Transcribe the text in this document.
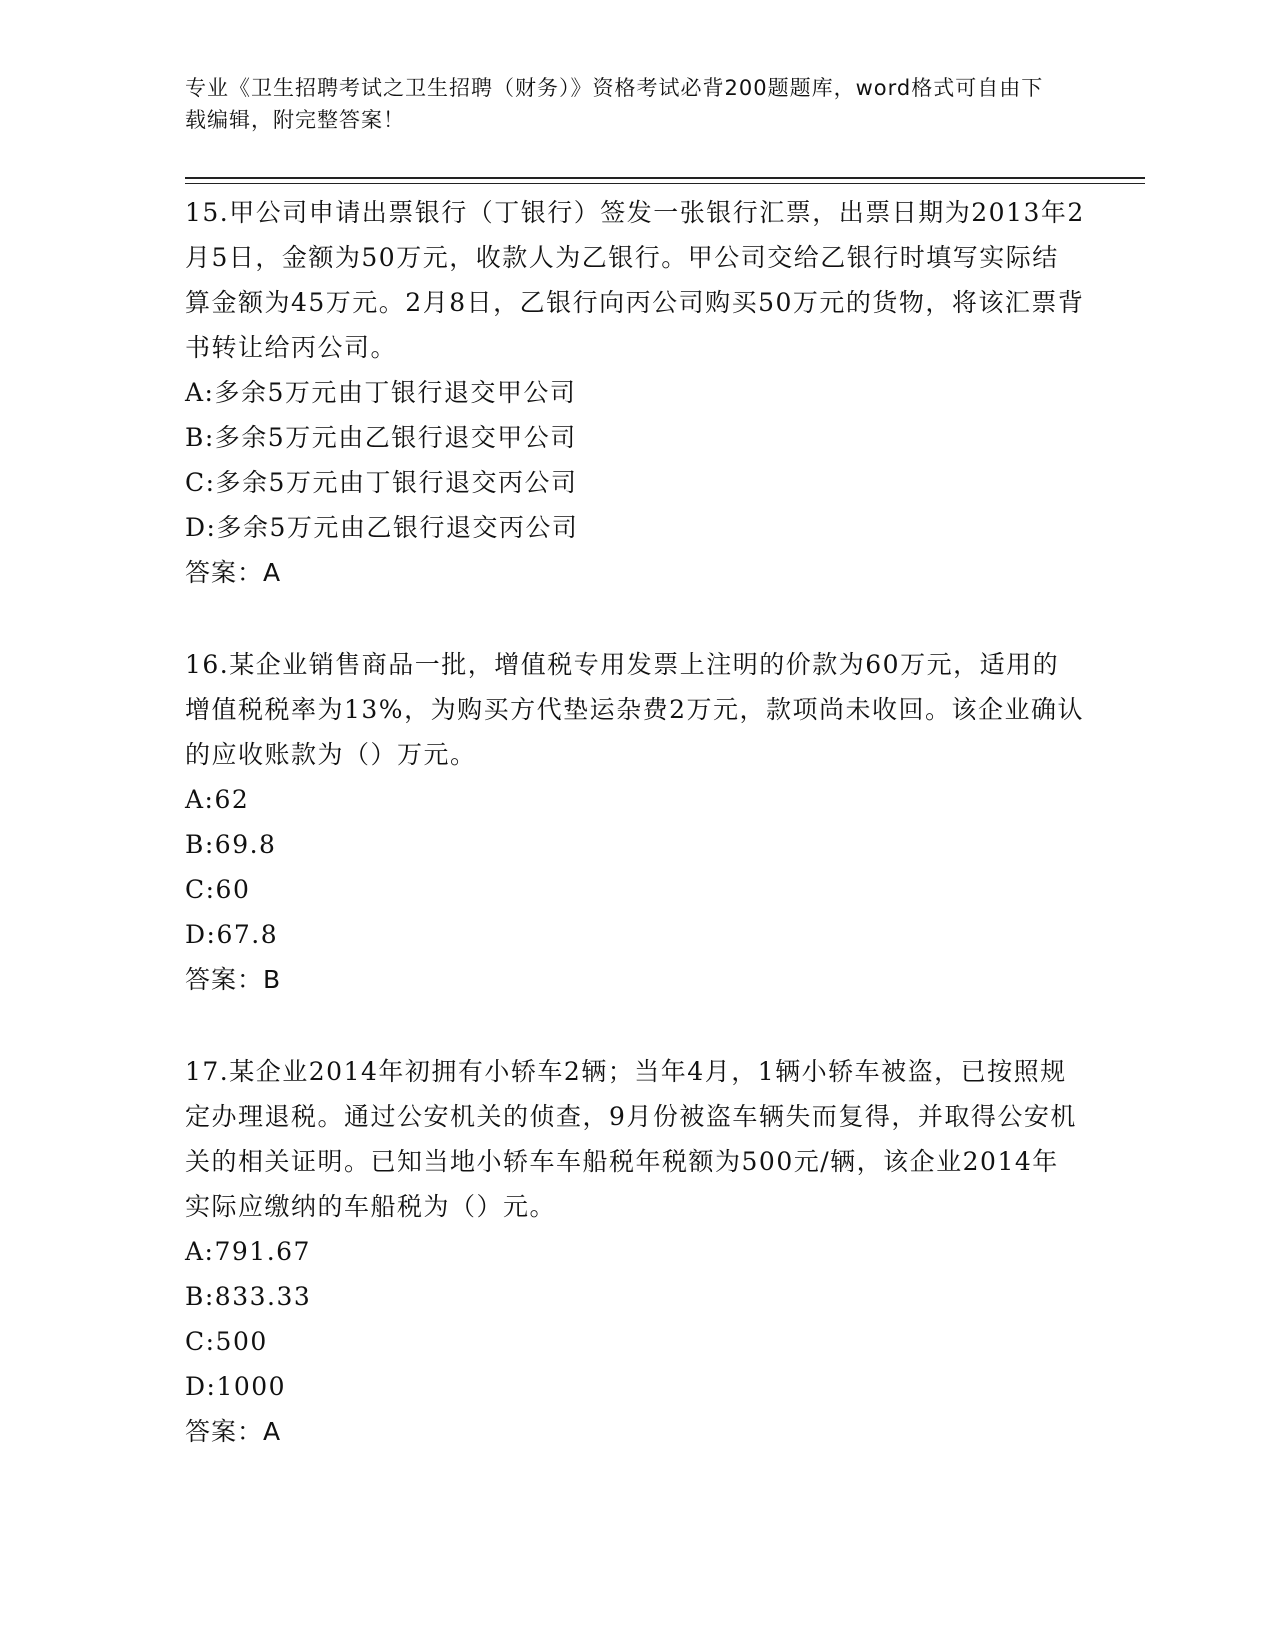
专业《卫生招聘考试之卫生招聘（财务）》资格考试必背200题题库，word格式可自由下载编辑，附完整答案！

15.甲公司申请出票银行（丁银行）签发一张银行汇票，出票日期为2013年2月5日，金额为50万元，收款人为乙银行。甲公司交给乙银行时填写实际结算金额为45万元。2月8日，乙银行向丙公司购买50万元的货物，将该汇票背书转让给丙公司。

A:多余5万元由丁银行退交甲公司

B:多余5万元由乙银行退交甲公司

C:多余5万元由丁银行退交丙公司

D:多余5万元由乙银行退交丙公司

答案：A

16.某企业销售商品一批，增值税专用发票上注明的价款为60万元，适用的增值税税率为13%，为购买方代垫运杂费2万元，款项尚未收回。该企业确认的应收账款为（）万元。

A:62

B:69.8

C:60

D:67.8

答案：B

17.某企业2014年初拥有小轿车2辆；当年4月，1辆小轿车被盗，已按照规定办理退税。通过公安机关的侦查，9月份被盗车辆失而复得，并取得公安机关的相关证明。已知当地小轿车车船税年税额为500元/辆，该企业2014年实际应缴纳的车船税为（）元。

A:791.67

B:833.33

C:500

D:1000

答案：A
